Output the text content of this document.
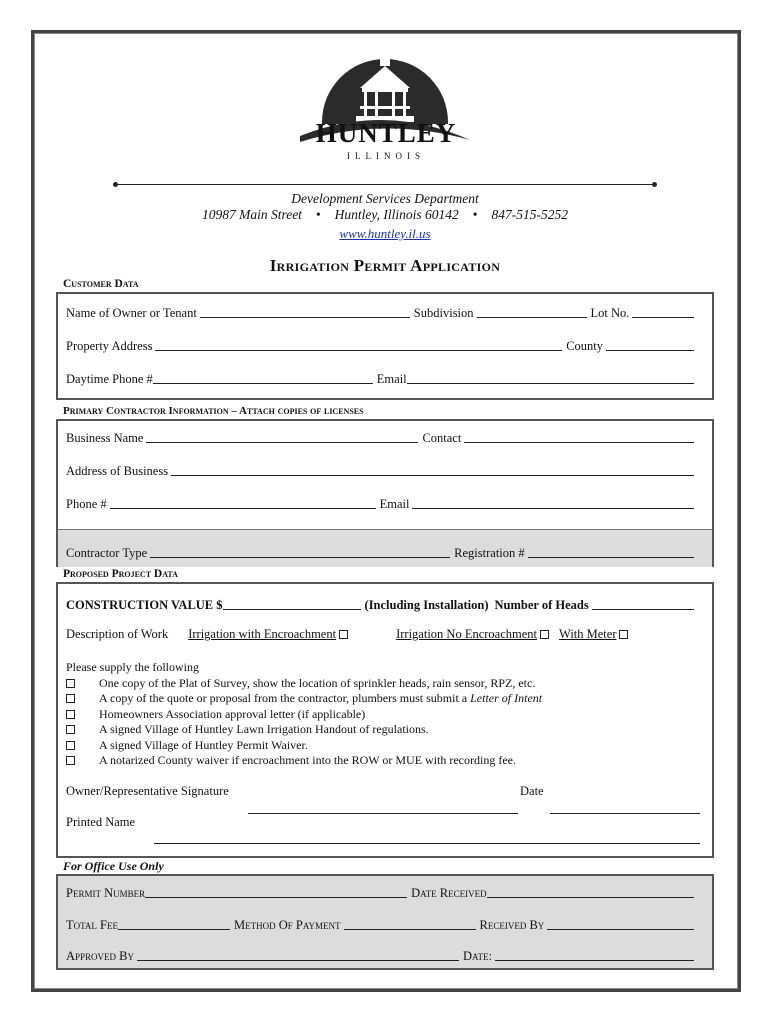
HUNTLEY
ILLINOIS
Development Services Department
10987 Main Street • Huntley, Illinois 60142 • 847-515-5252
www.huntley.il.us
Irrigation Permit Application
Customer Data
Name of Owner or Tenant	Subdivision	Lot No.
Property Address	County
Daytime Phone #	Email
Primary Contractor Information – Attach copies of licenses
Business Name	Contact
Address of Business
Phone #	Email
Contractor Type	Registration #
Proposed Project Data
CONSTRUCTION VALUE $	(Including Installation) Number of Heads
Description of Work Irrigation with Encroachment	Irrigation No Encroachment With Meter
Please supply the following
One copy of the Plat of Survey, show the location of sprinkler heads, rain sensor, RPZ, etc.
A copy of the quote or proposal from the contractor, plumbers must submit a
Letter of Intent
Homeowners Association approval letter (if applicable)
A signed Village of Huntley Lawn Irrigation Handout of regulations.
A signed Village of Huntley Permit Waiver.
A notarized County waiver if encroachment into the ROW or MUE with recording fee.
Owner/Representative Signature	Date
Printed Name
For Office Use Only
Permit Number	Date Received
Total Fee	Method Of Payment	Received By
Approved By	Date:
